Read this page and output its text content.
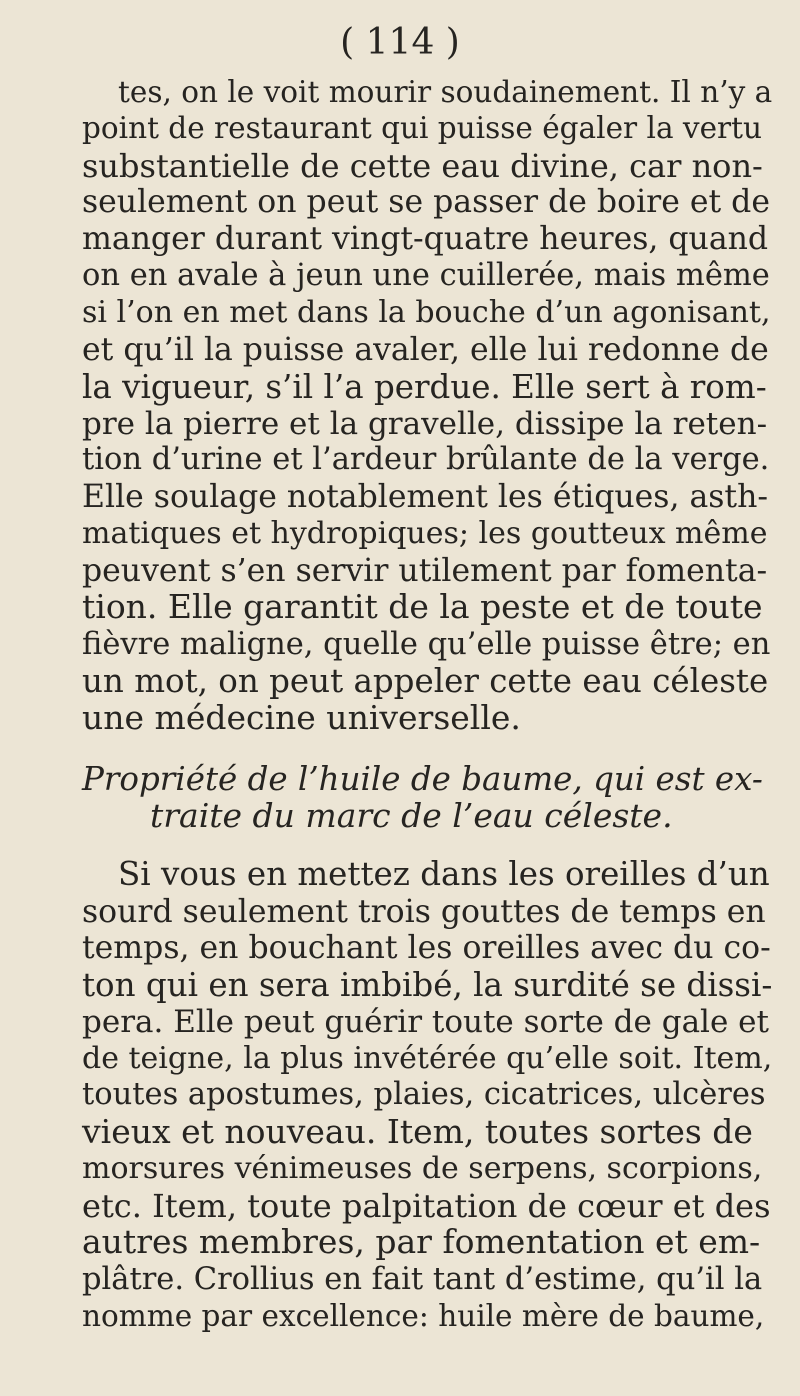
( 114 )
tes, on le voit mourir soudainement. Il n’y a
point de restaurant qui puisse égaler la vertu
substantielle de cette eau divine, car non-
seulement on peut se passer de boire et de
manger durant vingt-quatre heures, quand
on en avale à jeun une cuillerée, mais même
si l’on en met dans la bouche d’un agonisant,
et qu’il la puisse avaler, elle lui redonne de
la vigueur, s’il l’a perdue. Elle sert à rom-
pre la pierre et la gravelle, dissipe la reten-
tion d’urine et l’ardeur brûlante de la verge.
Elle soulage notablement les étiques, asth-
matiques et hydropiques; les goutteux même
peuvent s’en servir utilement par fomenta-
tion. Elle garantit de la peste et de toute
fièvre maligne, quelle qu’elle puisse être; en
un mot, on peut appeler cette eau céleste
une médecine universelle.
Propriété de l’huile de baume, qui est ex-
traite du marc de l’eau céleste.
Si vous en mettez dans les oreilles d’un
sourd seulement trois gouttes de temps en
temps, en bouchant les oreilles avec du co-
ton qui en sera imbibé, la surdité se dissi-
pera. Elle peut guérir toute sorte de gale et
de teigne, la plus invétérée qu’elle soit. Item,
toutes apostumes, plaies, cicatrices, ulcères
vieux et nouveau. Item, toutes sortes de
morsures vénimeuses de serpens, scorpions,
etc. Item, toute palpitation de cœur et des
autres membres, par fomentation et em-
plâtre. Crollius en fait tant d’estime, qu’il la
nomme par excellence: huile mère de baume,
